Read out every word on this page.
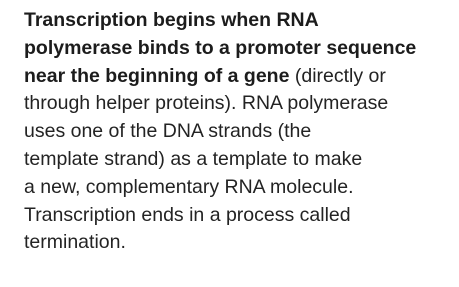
Transcription begins when RNA
polymerase binds to a promoter sequence
near the beginning of a gene (directly or
through helper proteins). RNA polymerase
uses one of the DNA strands (the
template strand) as a template to make
a new, complementary RNA molecule.
Transcription ends in a process called
termination.
